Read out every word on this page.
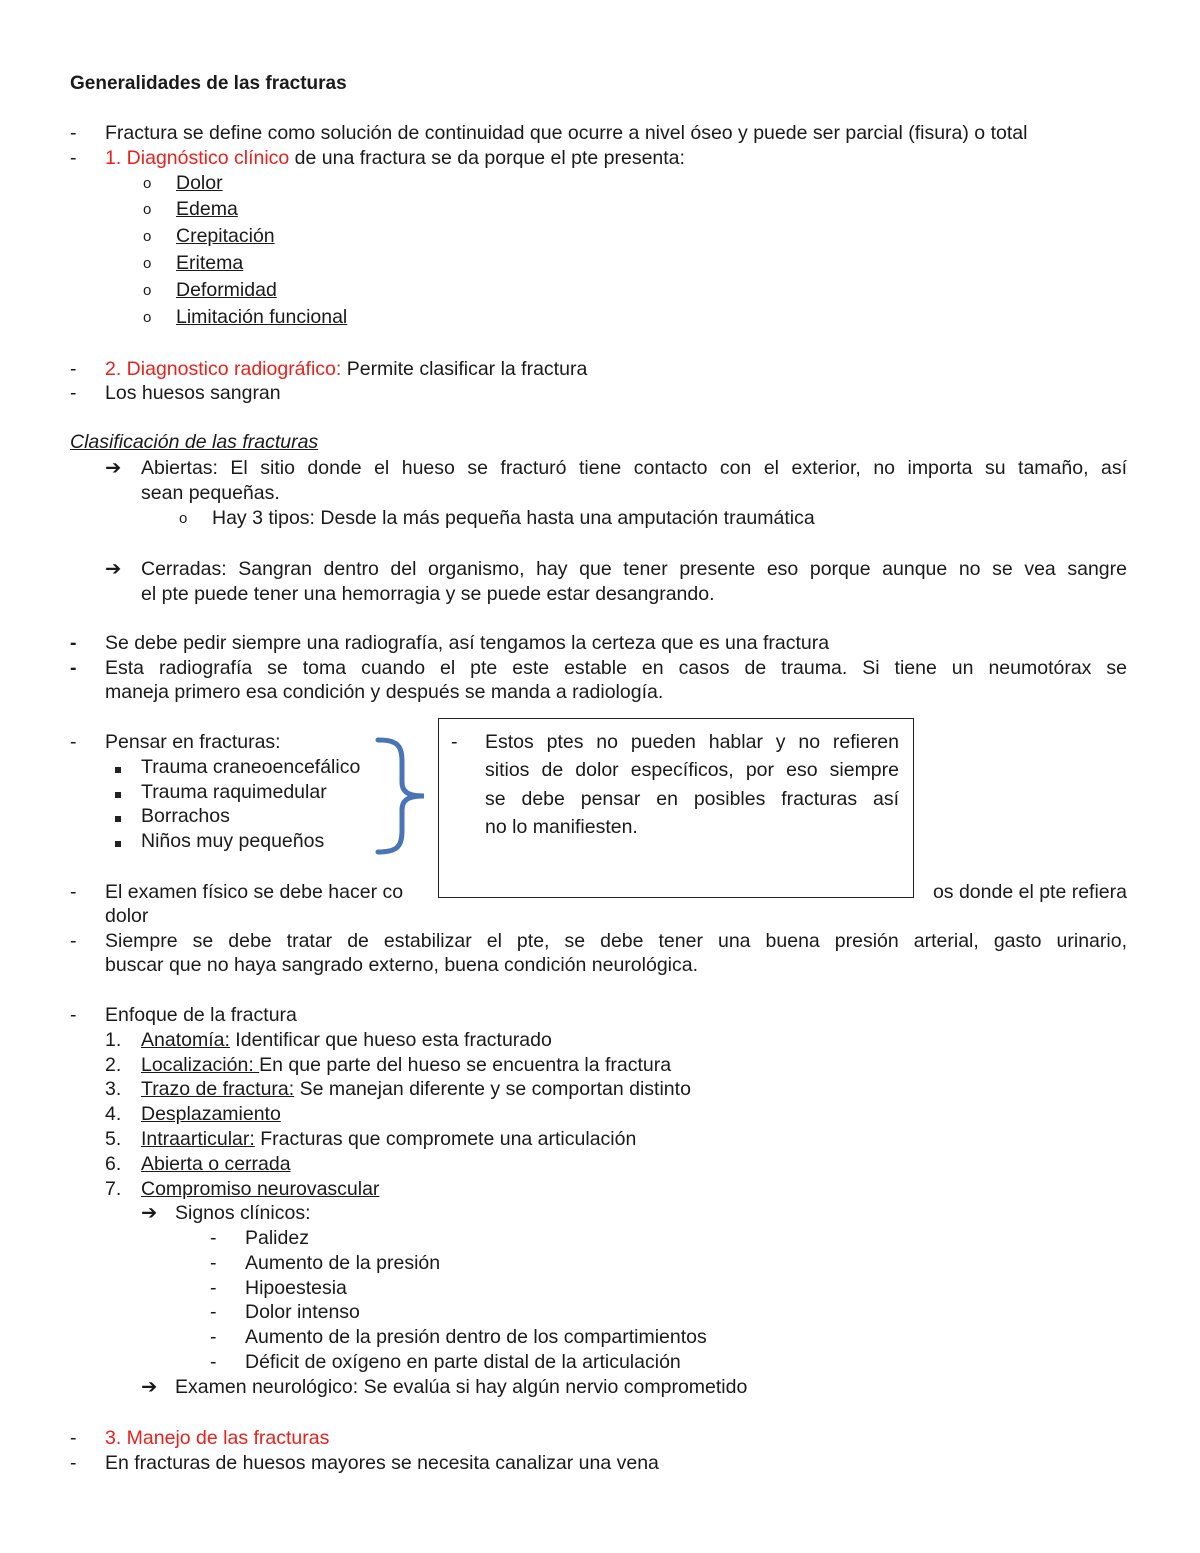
Generalidades de las fracturas
- Fractura se define como solución de continuidad que ocurre a nivel óseo y puede ser parcial (fisura) o total
- 1. Diagnóstico clínico de una fractura se da porque el pte presenta:
o Dolor
o Edema
o Crepitación
o Eritema
o Deformidad
o Limitación funcional
- 2. Diagnostico radiográfico: Permite clasificar la fractura
- Los huesos sangran
Clasificación de las fracturas
➔ Abiertas: El sitio donde el hueso se fracturó tiene contacto con el exterior, no importa su tamaño, así
sean pequeñas.
o Hay 3 tipos: Desde la más pequeña hasta una amputación traumática
➔ Cerradas: Sangran dentro del organismo, hay que tener presente eso porque aunque no se vea sangre
el pte puede tener una hemorragia y se puede estar desangrando.
- Se debe pedir siempre una radiografía, así tengamos la certeza que es una fractura
- Esta radiografía se toma cuando el pte este estable en casos de trauma. Si tiene un neumotórax se
maneja primero esa condición y después se manda a radiología.
- Pensar en fracturas:
Trauma craneoencefálico
Trauma raquimedular
Borrachos
Niños muy pequeños
- El examen físico se debe hacer co	os donde el pte refiera
dolor
- Estos ptes no pueden hablar y no refieren
sitios de dolor específicos, por eso siempre
se debe pensar en posibles fracturas así
no lo manifiesten.
- Siempre se debe tratar de estabilizar el pte, se debe tener una buena presión arterial, gasto urinario,
buscar que no haya sangrado externo, buena condición neurológica.
- Enfoque de la fractura
1. Anatomía: Identificar que hueso esta fracturado
2. Localización: En que parte del hueso se encuentra la fractura
3. Trazo de fractura: Se manejan diferente y se comportan distinto
4. Desplazamiento
5. Intraarticular: Fracturas que compromete una articulación
6. Abierta o cerrada
7. Compromiso neurovascular
➔ Signos clínicos:
- Palidez
- Aumento de la presión
- Hipoestesia
- Dolor intenso
- Aumento de la presión dentro de los compartimientos
- Déficit de oxígeno en parte distal de la articulación
➔ Examen neurológico: Se evalúa si hay algún nervio comprometido
- 3. Manejo de las fracturas
- En fracturas de huesos mayores se necesita canalizar una vena
